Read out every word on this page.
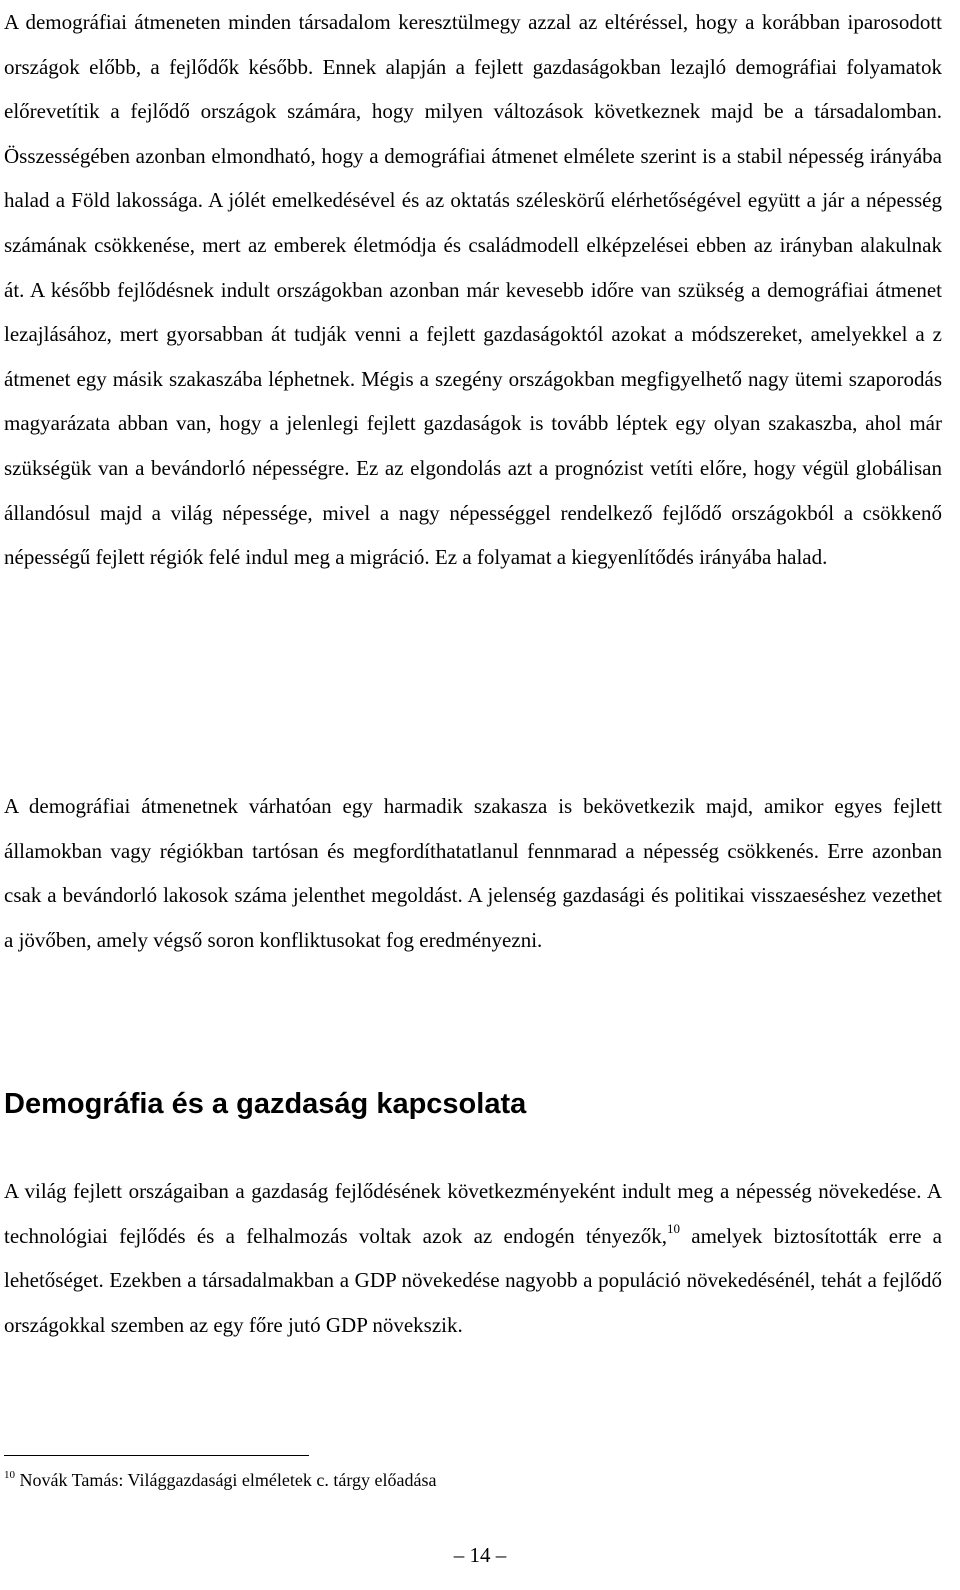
A demográfiai átmeneten minden társadalom keresztülmegy azzal az eltéréssel, hogy a korábban iparosodott országok előbb, a fejlődők később. Ennek alapján a fejlett gazdaságokban lezajló demográfiai folyamatok előrevetítik a fejlődő országok számára, hogy milyen változások következnek majd be a társadalomban. Összességében azonban elmondható, hogy a demográfiai átmenet elmélete szerint is a stabil népesség irányába halad a Föld lakossága. A jólét emelkedésével és az oktatás széleskörű elérhetőségével együtt a jár a népesség számának csökkenése, mert az emberek életmódja és családmodell elképzelései ebben az irányban alakulnak át. A később fejlődésnek indult országokban azonban már kevesebb időre van szükség a demográfiai átmenet lezajlásához, mert gyorsabban át tudják venni a fejlett gazdaságoktól azokat a módszereket, amelyekkel a z átmenet egy másik szakaszába léphetnek. Mégis a szegény országokban megfigyelhető nagy ütemi szaporodás magyarázata abban van, hogy a jelenlegi fejlett gazdaságok is tovább léptek egy olyan szakaszba, ahol már szükségük van a bevándorló népességre. Ez az elgondolás azt a prognózist vetíti előre, hogy végül globálisan állandósul majd a világ népessége, mivel a nagy népességgel rendelkező fejlődő országokból a csökkenő népességű fejlett régiók felé indul meg a migráció. Ez a folyamat a kiegyenlítődés irányába halad.

A demográfiai átmenetnek várhatóan egy harmadik szakasza is bekövetkezik majd, amikor egyes fejlett államokban vagy régiókban tartósan és megfordíthatatlanul fennmarad a népesség csökkenés. Erre azonban csak a bevándorló lakosok száma jelenthet megoldást. A jelenség gazdasági és politikai visszaeséshez vezethet a jövőben, amely végső soron konfliktusokat fog eredményezni.

Demográfia és a gazdaság kapcsolata

A világ fejlett országaiban a gazdaság fejlődésének következményeként indult meg a népesség növekedése. A technológiai fejlődés és a felhalmozás voltak azok az endogén tényezők,$^{10}$ amelyek biztosították erre a lehetőséget. Ezekben a társadalmakban a GDP növekedése nagyobb a populáció növekedésénél, tehát a fejlődő országokkal szemben az egy főre jutó GDP növekszik.

$^{10}$ Novák Tamás: Világgazdasági elméletek c. tárgy előadása

– 14 –
